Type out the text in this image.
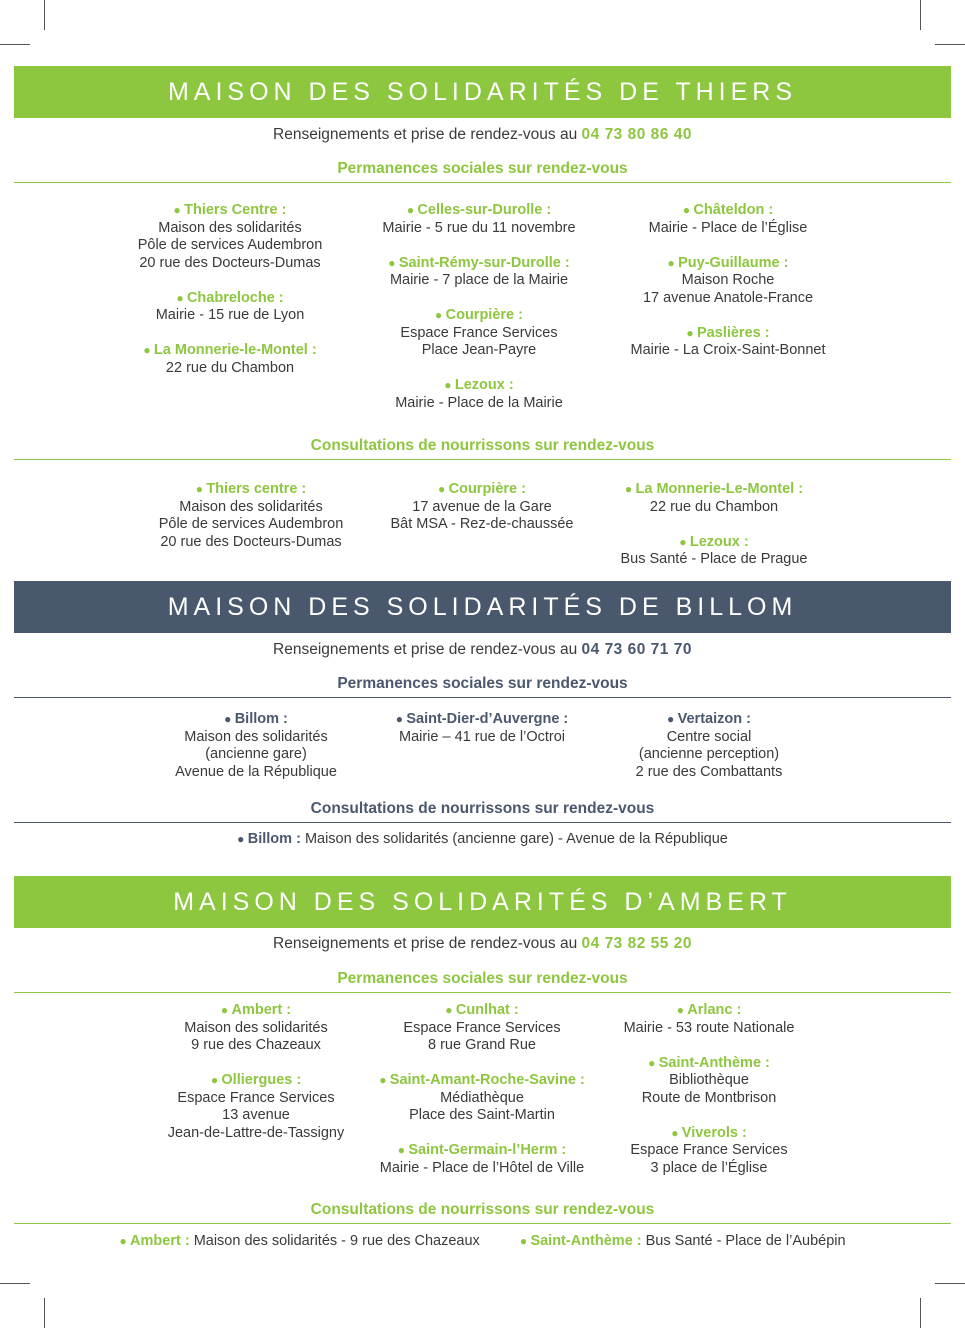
MAISON DES SOLIDARITÉS DE THIERS
Renseignements et prise de rendez-vous au 04 73 80 86 40
Permanences sociales sur rendez-vous
● Thiers Centre :
Maison des solidarités
Pôle de services Audembron
20 rue des Docteurs-Dumas
● Chabreloche :
Mairie - 15 rue de Lyon
● La Monnerie-le-Montel :
22 rue du Chambon
● Celles-sur-Durolle :
Mairie - 5 rue du 11 novembre
● Saint-Rémy-sur-Durolle :
Mairie - 7 place de la Mairie
● Courpière :
Espace France Services
Place Jean-Payre
● Lezoux :
Mairie - Place de la Mairie
● Châteldon :
Mairie - Place de l’Église
● Puy-Guillaume :
Maison Roche
17 avenue Anatole-France
● Paslières :
Mairie - La Croix-Saint-Bonnet
Consultations de nourrissons sur rendez-vous
● Thiers centre :
Maison des solidarités
Pôle de services Audembron
20 rue des Docteurs-Dumas
● Courpière :
17 avenue de la Gare
Bât MSA - Rez-de-chaussée
● La Monnerie-Le-Montel :
22 rue du Chambon
● Lezoux :
Bus Santé - Place de Prague
MAISON DES SOLIDARITÉS DE BILLOM
Renseignements et prise de rendez-vous au 04 73 60 71 70
Permanences sociales sur rendez-vous
● Billom :
Maison des solidarités
(ancienne gare)
Avenue de la République
● Saint-Dier-d’Auvergne :
Mairie – 41 rue de l’Octroi
● Vertaizon :
Centre social
(ancienne perception)
2 rue des Combattants
Consultations de nourrissons sur rendez-vous
● Billom : Maison des solidarités (ancienne gare) - Avenue de la République
MAISON DES SOLIDARITÉS D’AMBERT
Renseignements et prise de rendez-vous au 04 73 82 55 20
Permanences sociales sur rendez-vous
● Ambert :
Maison des solidarités
9 rue des Chazeaux
● Olliergues :
Espace France Services
13 avenue
Jean-de-Lattre-de-Tassigny
● Cunlhat :
Espace France Services
8 rue Grand Rue
● Saint-Amant-Roche-Savine :
Médiathèque
Place des Saint-Martin
● Saint-Germain-l’Herm :
Mairie - Place de l’Hôtel de Ville
● Arlanc :
Mairie - 53 route Nationale
● Saint-Anthème :
Bibliothèque
Route de Montbrison
● Viverols :
Espace France Services
3 place de l’Église
Consultations de nourrissons sur rendez-vous
● Ambert : Maison des solidarités - 9 rue des Chazeaux	● Saint-Anthème : Bus Santé - Place de l’Aubépin
